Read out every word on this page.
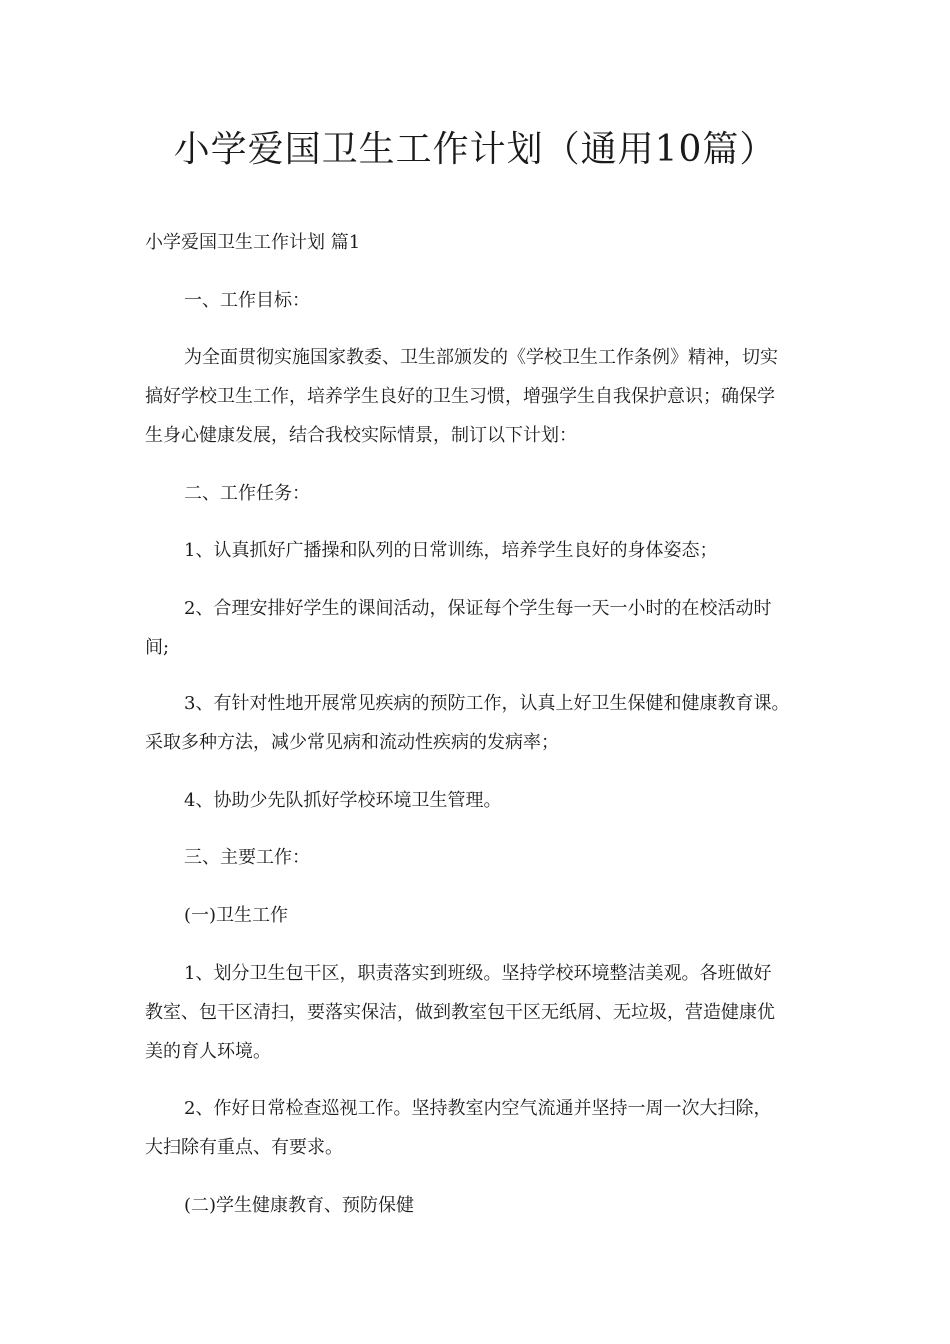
小学爱国卫生工作计划（通用10篇）
小学爱国卫生工作计划 篇1
一、工作目标：
为全面贯彻实施国家教委、卫生部颁发的《学校卫生工作条例》精神，切实
搞好学校卫生工作，培养学生良好的卫生习惯，增强学生自我保护意识；确保学
生身心健康发展，结合我校实际情景，制订以下计划：
二、工作任务：
1、认真抓好广播操和队列的日常训练，培养学生良好的身体姿态；
2、合理安排好学生的课间活动，保证每个学生每一天一小时的在校活动时
间;
3、有针对性地开展常见疾病的预防工作，认真上好卫生保健和健康教育课。
采取多种方法，减少常见病和流动性疾病的发病率；
4、协助少先队抓好学校环境卫生管理。
三、主要工作：
(一)卫生工作
1、划分卫生包干区，职责落实到班级。坚持学校环境整洁美观。各班做好
教室、包干区清扫，要落实保洁，做到教室包干区无纸屑、无垃圾，营造健康优
美的育人环境。
2、作好日常检查巡视工作。坚持教室内空气流通并坚持一周一次大扫除，
大扫除有重点、有要求。
(二)学生健康教育、预防保健
